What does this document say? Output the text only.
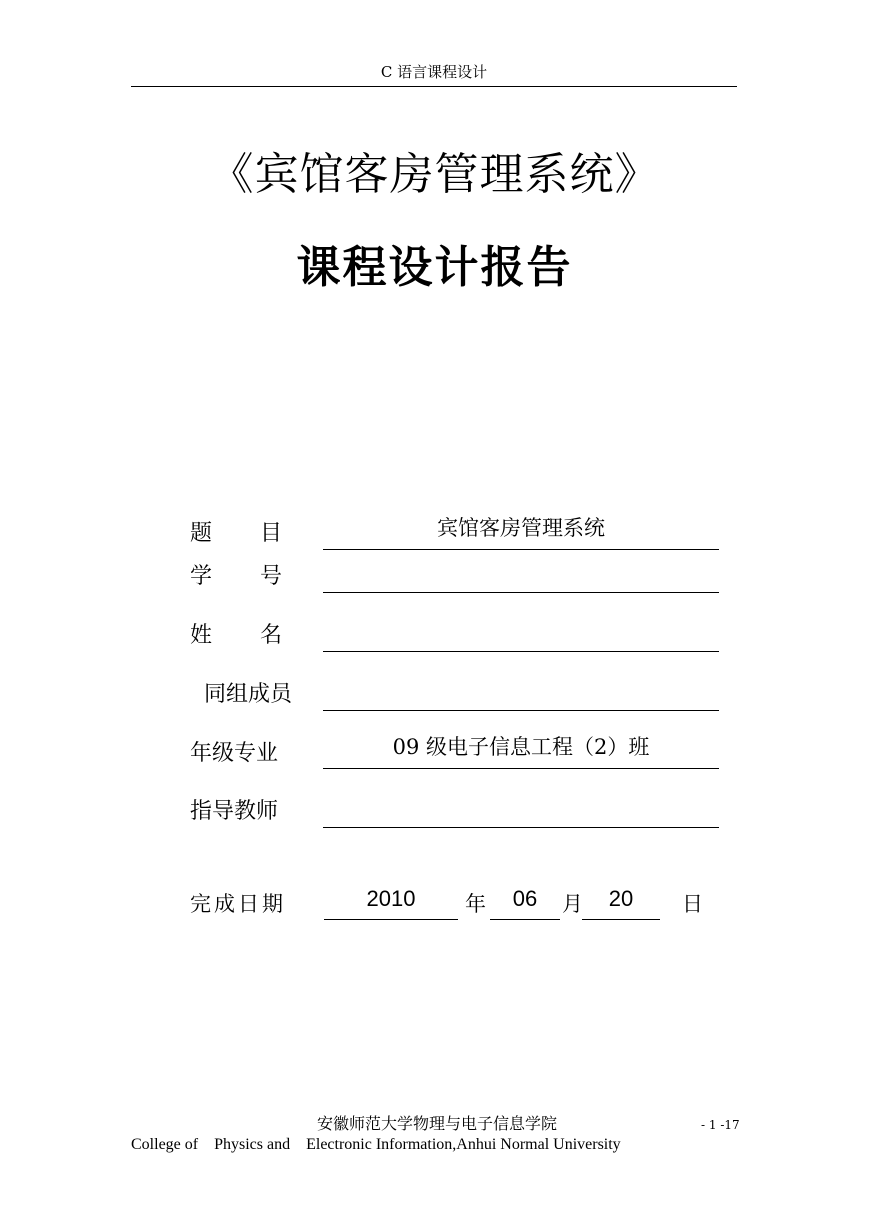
C 语言课程设计
《宾馆客房管理系统》
课程设计报告
题 目	宾馆客房管理系统
学 号
姓 名
同组成员
年级专业	09 级电子信息工程（2）班
指导教师
完成日期	2010	年	06	月	20	日
安徽师范大学物理与电子信息学院	- 1 -17
College of    Physics and    Electronic Information,Anhui Normal University
